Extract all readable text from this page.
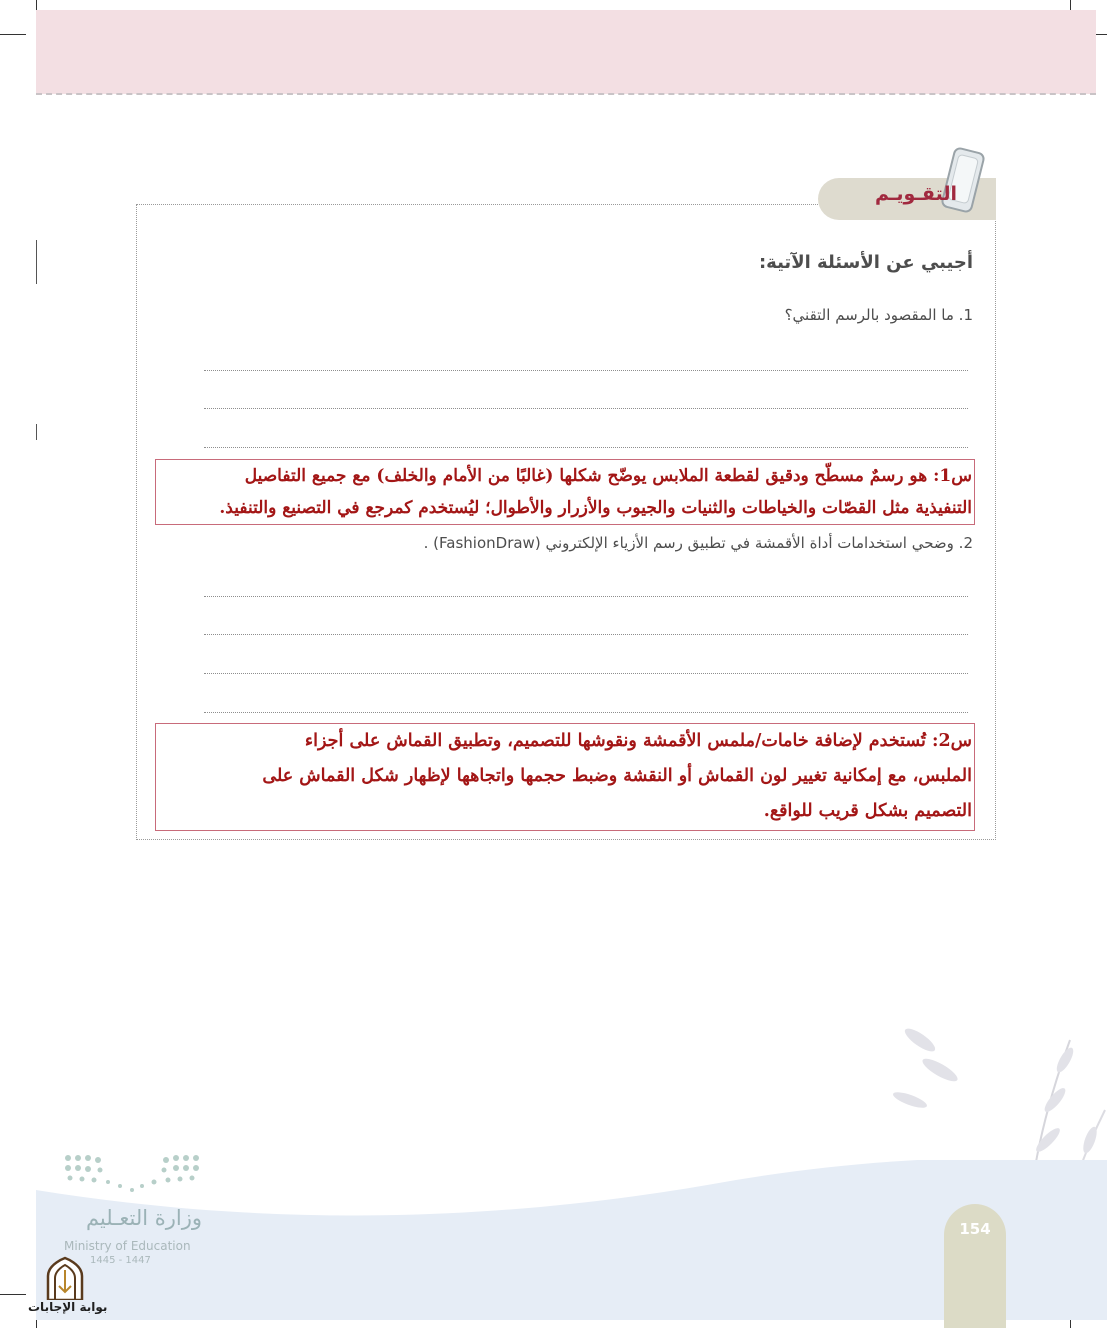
التقـويـم
أجيبي عن الأسئلة الآتية:
1. ما المقصود بالرسم التقني؟
س1: هو رسمٌ مسطّح ودقيق لقطعة الملابس يوضّح شكلها (غالبًا من الأمام والخلف) مع جميع التفاصيل
التنفيذية مثل القصّات والخياطات والثنيات والجيوب والأزرار والأطوال؛ ليُستخدم كمرجع في التصنيع والتنفيذ.
2. وضحي استخدامات أداة الأقمشة في تطبيق رسم الأزياء الإلكتروني (FashionDraw) .
س2: تُستخدم لإضافة خامات/ملمس الأقمشة ونقوشها للتصميم، وتطبيق القماش على أجزاء
الملبس، مع إمكانية تغيير لون القماش أو النقشة وضبط حجمها واتجاهها لإظهار شكل القماش على
التصميم بشكل قريب للواقع.
154
وزارة التعـليم
Ministry of Education
1445 - 1447
بوابة الإجابات
